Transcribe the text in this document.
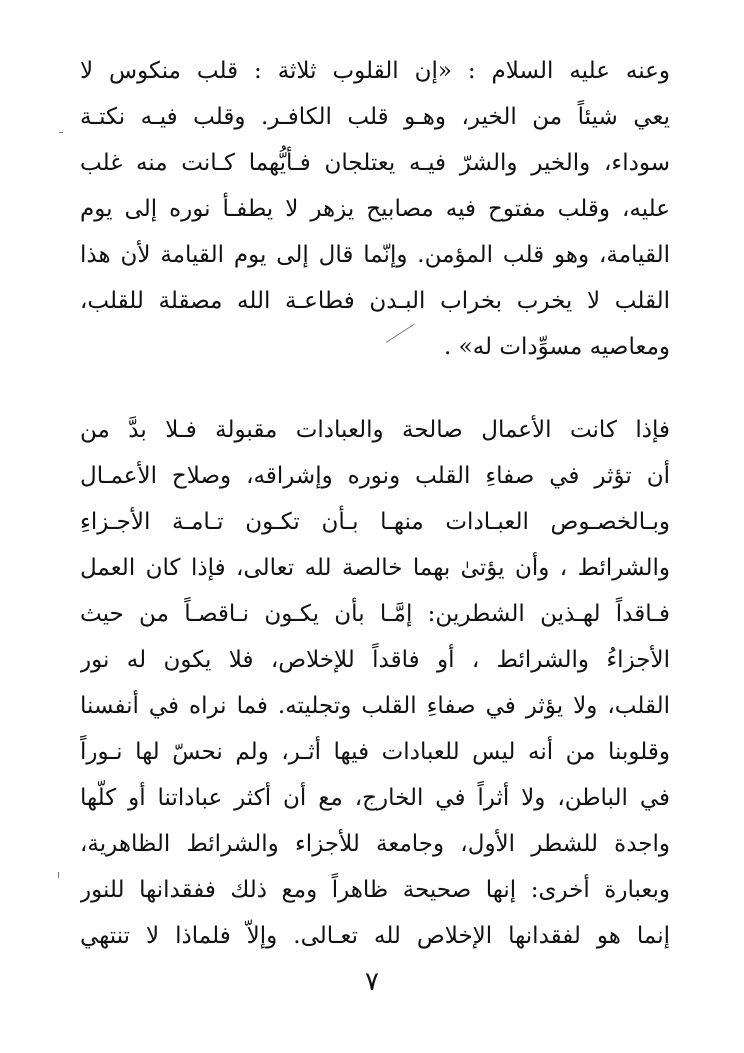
وعنه عليه السلام : «إن القلوب ثلاثة : قلب منكوس لا
يعي شيئاً من الخير، وهـو قلب الكافـر. وقلب فيـه نكتـة
سوداء، والخير والشرّ فيـه يعتلجان فـأيُّهما كـانت منه غلب
عليه، وقلب مفتوح فيه مصابيح يزهر لا يطفـأ نوره إلى يوم
القيامة، وهو قلب المؤمن. وإنّما قال إلى يوم القيامة لأن هذا
القلب لا يخرب بخراب البـدن فطاعـة الله مصقلة للقلب،
ومعاصيه مسوِّدات له» .
فإذا كانت الأعمال صالحة والعبادات مقبولة فـلا بدَّ من
أن تؤثر في صفاءِ القلب ونوره وإشراقه، وصلاح الأعمـال
وبـالخصـوص العبـادات منهـا بـأن تكـون تـامـة الأجـزاءِ
والشرائط ، وأن يؤتىٰ بهما خالصة لله تعالى، فإذا كان العمل
فـاقداً لهـذين الشطرين: إمَّـا بأن يكـون نـاقصـاً من حيث
الأجزاءُ والشرائط ، أو فاقداً للإخلاص، فلا يكون له نور
القلب، ولا يؤثر في صفاءِ القلب وتجليته. فما نراه في أنفسنا
وقلوبنا من أنه ليس للعبادات فيها أثـر، ولم نحسّ لها نـوراً
في الباطن، ولا أثراً في الخارج، مع أن أكثر عباداتنا أو كلّها
واجدة للشطر الأول، وجامعة للأجزاء والشرائط الظاهرية،
وبعبارة أخرى: إنها صحيحة ظاهراً ومع ذلك ففقدانها للنور
إنما هو لفقدانها الإخلاص لله تعـالى. وإلاّ فلماذا لا تنتهي
٧
